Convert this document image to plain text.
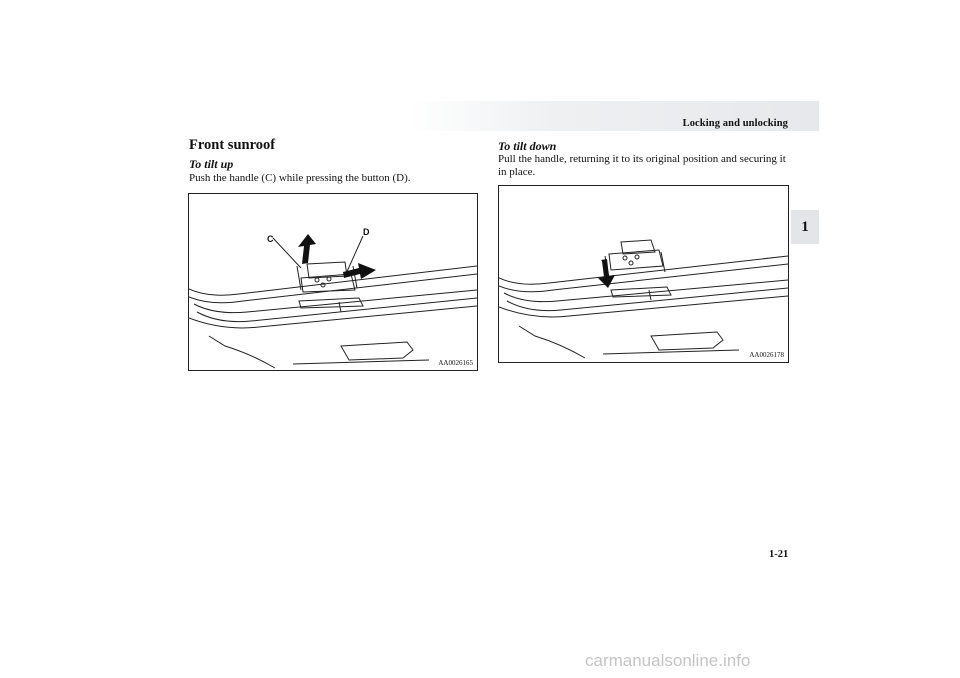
Locking and unlocking
1
Front sunroof
To tilt up
Push the handle (C) while pressing the button (D).
C
D
AA0026165
To tilt down
Pull the handle, returning it to its original position and securing it in place.
AA0026178
1-21
carmanualsonline.info
